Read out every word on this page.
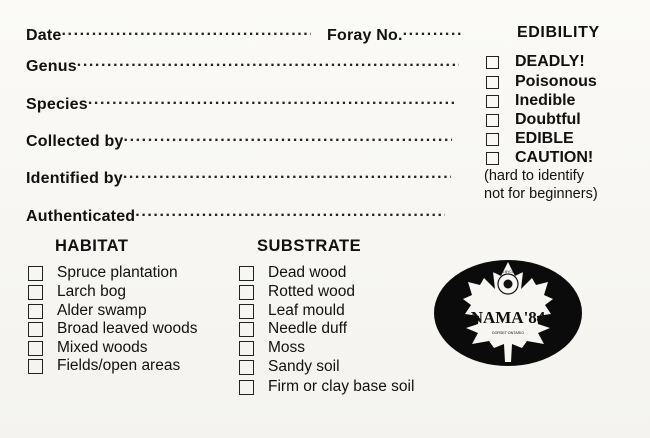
Date.....	Foray No......
Genus.....
Species.....
Collected by.....
Identified by.....
Authenticated.....
EDIBILITY
DEADLY!
Poisonous
Inedible
Doubtful
EDIBLE
CAUTION!
(hard to identify
not for beginners)
HABITAT
Spruce plantation
Larch bog
Alder swamp
Broad leaved woods
Mixed woods
Fields/open areas
SUBSTRATE
Dead wood
Rotted wood
Leaf mould
Needle duff
Moss
Sandy soil
Firm or clay base soil
MUSKOKA MYCOLOGICAL
NAMA'84
DORSET ONTARIO
